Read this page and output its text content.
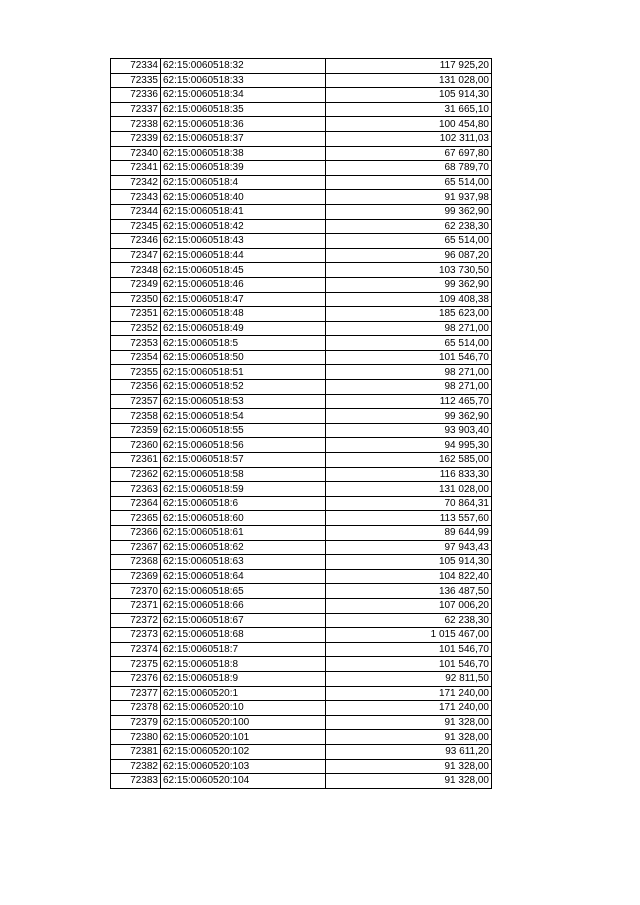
72334	62:15:0060518:32	117 925,20
72335	62:15:0060518:33	131 028,00
72336	62:15:0060518:34	105 914,30
72337	62:15:0060518:35	31 665,10
72338	62:15:0060518:36	100 454,80
72339	62:15:0060518:37	102 311,03
72340	62:15:0060518:38	67 697,80
72341	62:15:0060518:39	68 789,70
72342	62:15:0060518:4	65 514,00
72343	62:15:0060518:40	91 937,98
72344	62:15:0060518:41	99 362,90
72345	62:15:0060518:42	62 238,30
72346	62:15:0060518:43	65 514,00
72347	62:15:0060518:44	96 087,20
72348	62:15:0060518:45	103 730,50
72349	62:15:0060518:46	99 362,90
72350	62:15:0060518:47	109 408,38
72351	62:15:0060518:48	185 623,00
72352	62:15:0060518:49	98 271,00
72353	62:15:0060518:5	65 514,00
72354	62:15:0060518:50	101 546,70
72355	62:15:0060518:51	98 271,00
72356	62:15:0060518:52	98 271,00
72357	62:15:0060518:53	112 465,70
72358	62:15:0060518:54	99 362,90
72359	62:15:0060518:55	93 903,40
72360	62:15:0060518:56	94 995,30
72361	62:15:0060518:57	162 585,00
72362	62:15:0060518:58	116 833,30
72363	62:15:0060518:59	131 028,00
72364	62:15:0060518:6	70 864,31
72365	62:15:0060518:60	113 557,60
72366	62:15:0060518:61	89 644,99
72367	62:15:0060518:62	97 943,43
72368	62:15:0060518:63	105 914,30
72369	62:15:0060518:64	104 822,40
72370	62:15:0060518:65	136 487,50
72371	62:15:0060518:66	107 006,20
72372	62:15:0060518:67	62 238,30
72373	62:15:0060518:68	1 015 467,00
72374	62:15:0060518:7	101 546,70
72375	62:15:0060518:8	101 546,70
72376	62:15:0060518:9	92 811,50
72377	62:15:0060520:1	171 240,00
72378	62:15:0060520:10	171 240,00
72379	62:15:0060520:100	91 328,00
72380	62:15:0060520:101	91 328,00
72381	62:15:0060520:102	93 611,20
72382	62:15:0060520:103	91 328,00
72383	62:15:0060520:104	91 328,00
